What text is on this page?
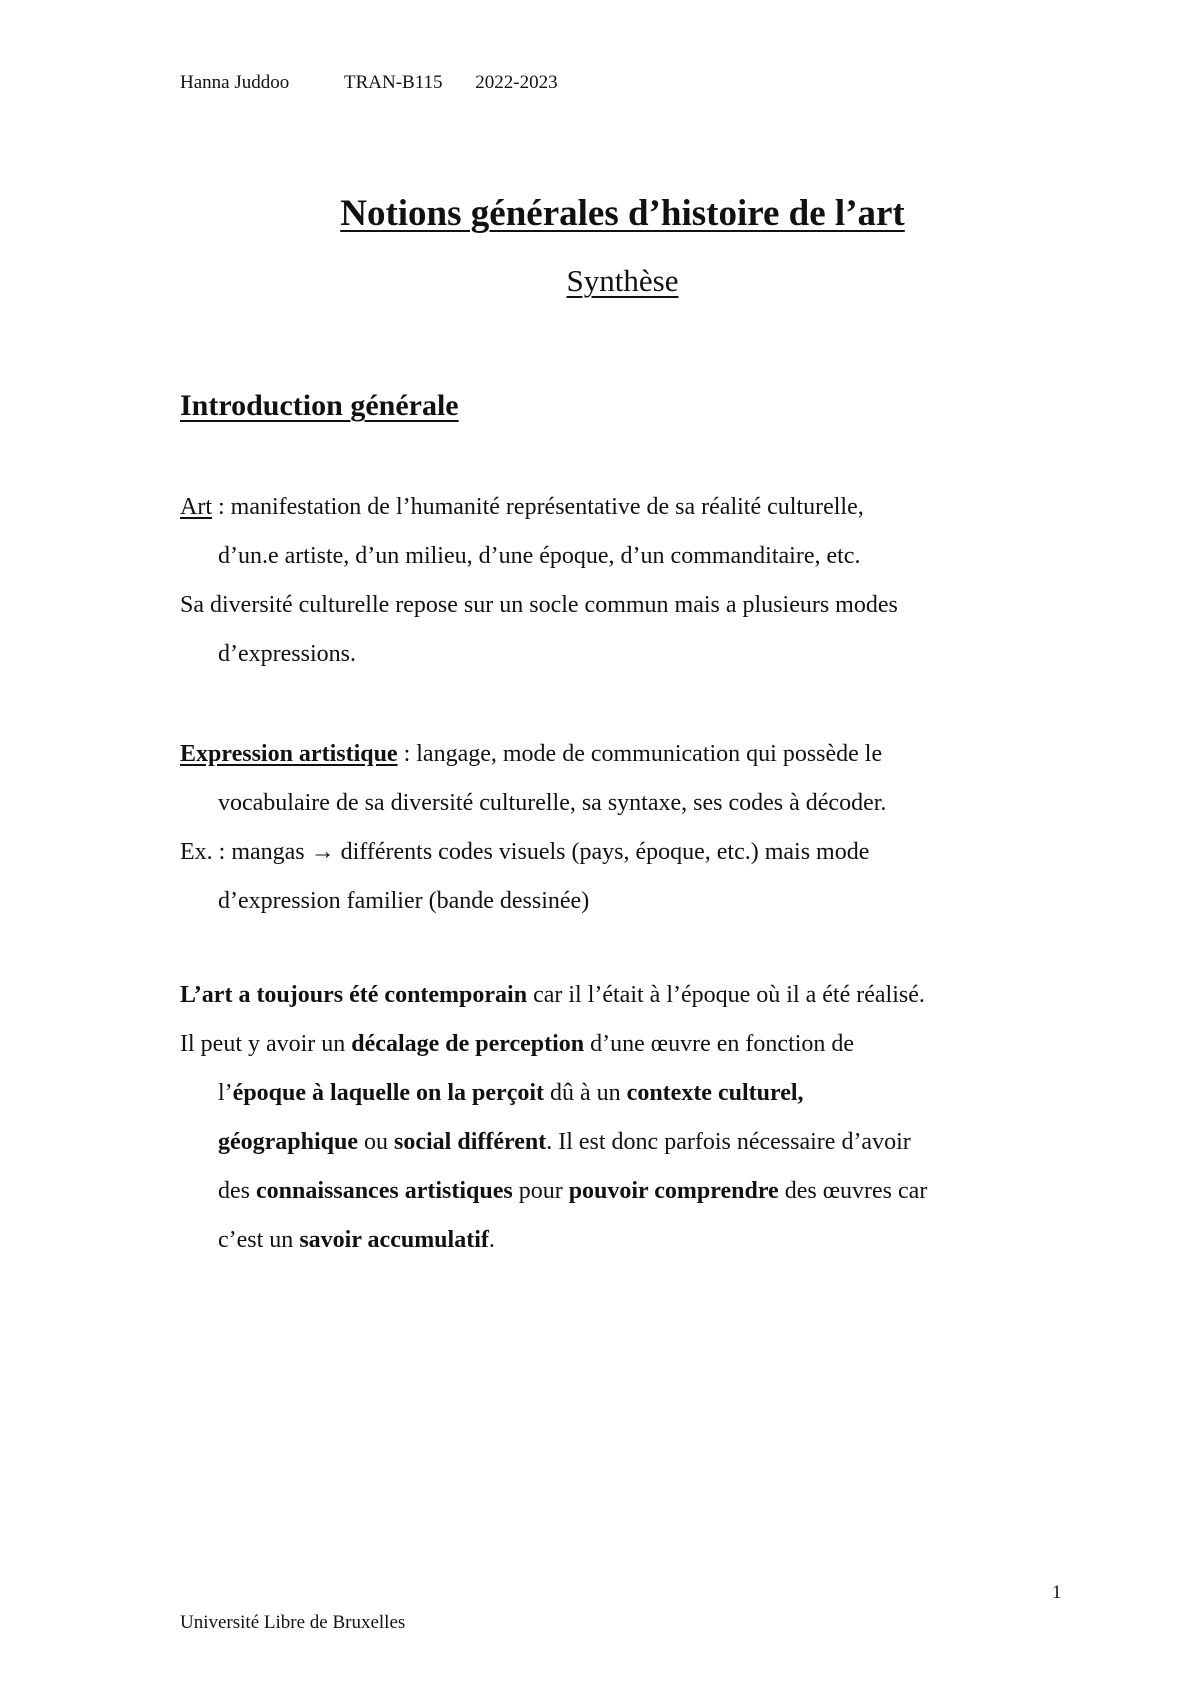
Hanna Juddoo	TRAN-B115 2022-2023
Notions générales d’histoire de l’art
Synthèse
Introduction générale
Art : manifestation de l’humanité représentative de sa réalité culturelle,
d’un.e artiste, d’un milieu, d’une époque, d’un commanditaire, etc.
Sa diversité culturelle repose sur un socle commun mais a plusieurs modes
d’expressions.
Expression artistique : langage, mode de communication qui possède le
vocabulaire de sa diversité culturelle, sa syntaxe, ses codes à décoder.
Ex. : mangas → différents codes visuels (pays, époque, etc.) mais mode
d’expression familier (bande dessinée)
L’art a toujours été contemporain car il l’était à l’époque où il a été réalisé.
Il peut y avoir un décalage de perception d’une œuvre en fonction de
l’époque à laquelle on la perçoit dû à un contexte culturel,
géographique ou social différent. Il est donc parfois nécessaire d’avoir
des connaissances artistiques pour pouvoir comprendre des œuvres car
c’est un savoir accumulatif.
1
Université Libre de Bruxelles
